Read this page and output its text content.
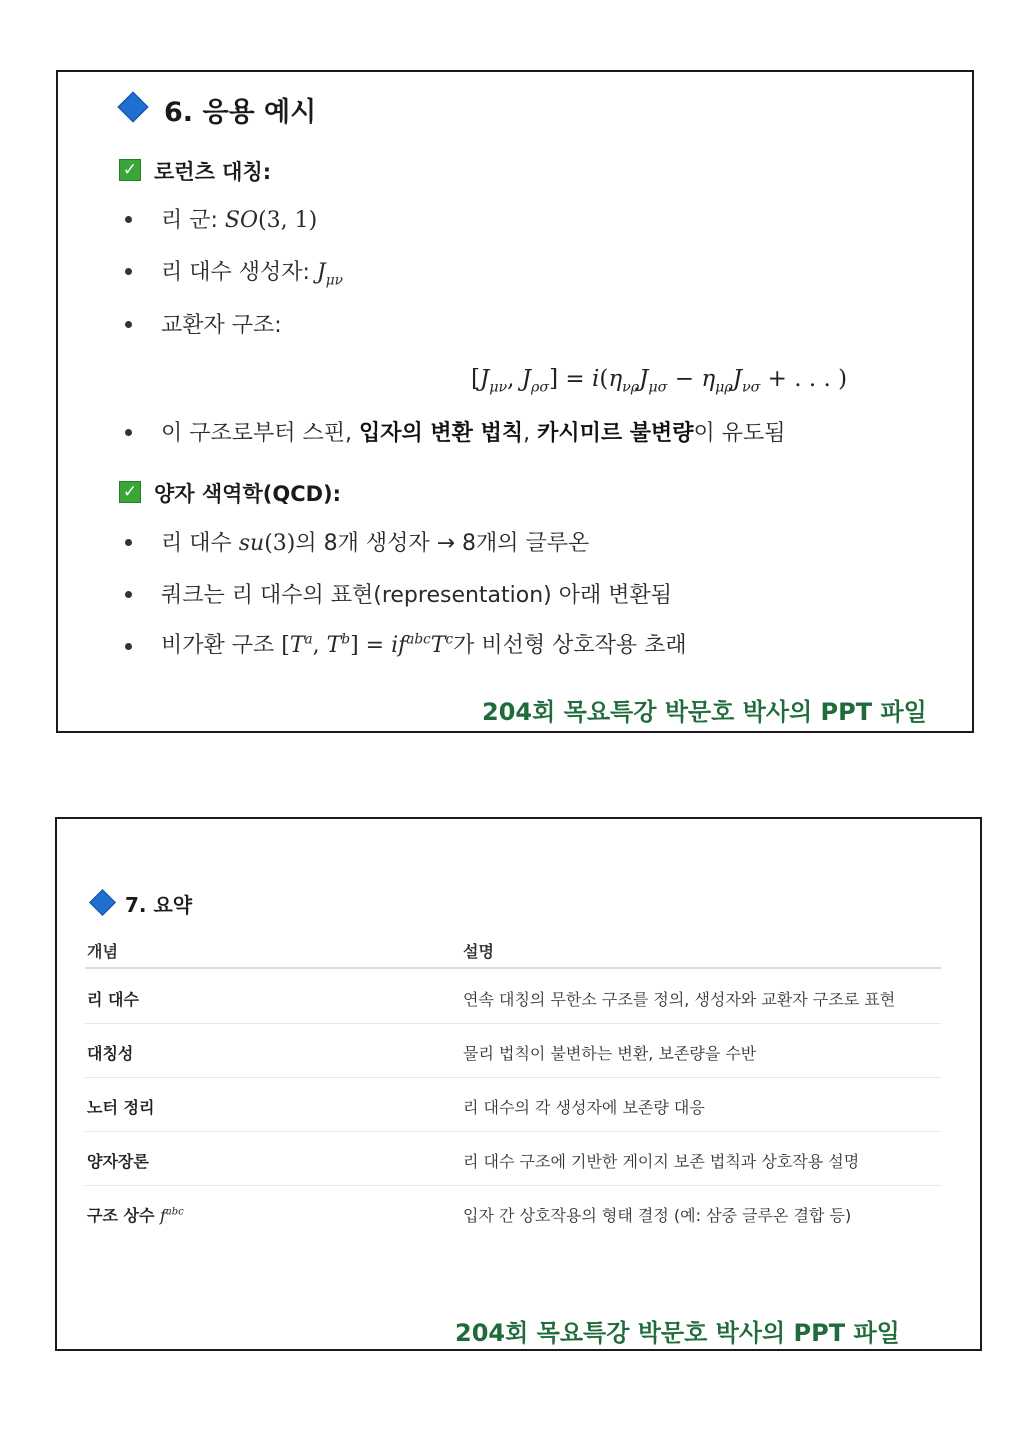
6. 응용 예시
✓ 로런츠 대칭:
리 군: SO(3, 1)
리 대수 생성자: $J_{\mu\nu}$
교환자 구조:
[$J_{\mu\nu}$, $J_{\rho\sigma}] = i(\eta_{\nu\rho}J_{\mu\sigma} - \eta_{\mu\rho}J_{\nu\sigma}$ + . . . )
이 구조로부터 스핀, 입자의 변환 법칙, 카시미르 불변량이 유도됨
✓ 양자 색역학(QCD):
리 대수 su(3)의 8개 생성자 → 8개의 글루온
쿼크는 리 대수의 표현(representation) 아래 변환됨
비가환 구조 [$T^a$, $T^b] = if^{abc}T^c$가 비선형 상호작용 초래
204회 목요특강 박문호 박사의 PPT 파일
7. 요약
개념	설명
리 대수	연속 대칭의 무한소 구조를 정의, 생성자와 교환자 구조로 표현
대칭성	물리 법칙이 불변하는 변환, 보존량을 수반
노터 정리	리 대수의 각 생성자에 보존량 대응
양자장론	리 대수 구조에 기반한 게이지 보존 법칙과 상호작용 설명
구조 상수 $f^{abc}$	입자 간 상호작용의 형태 결정 (예: 삼중 글루온 결합 등)
204회 목요특강 박문호 박사의 PPT 파일
